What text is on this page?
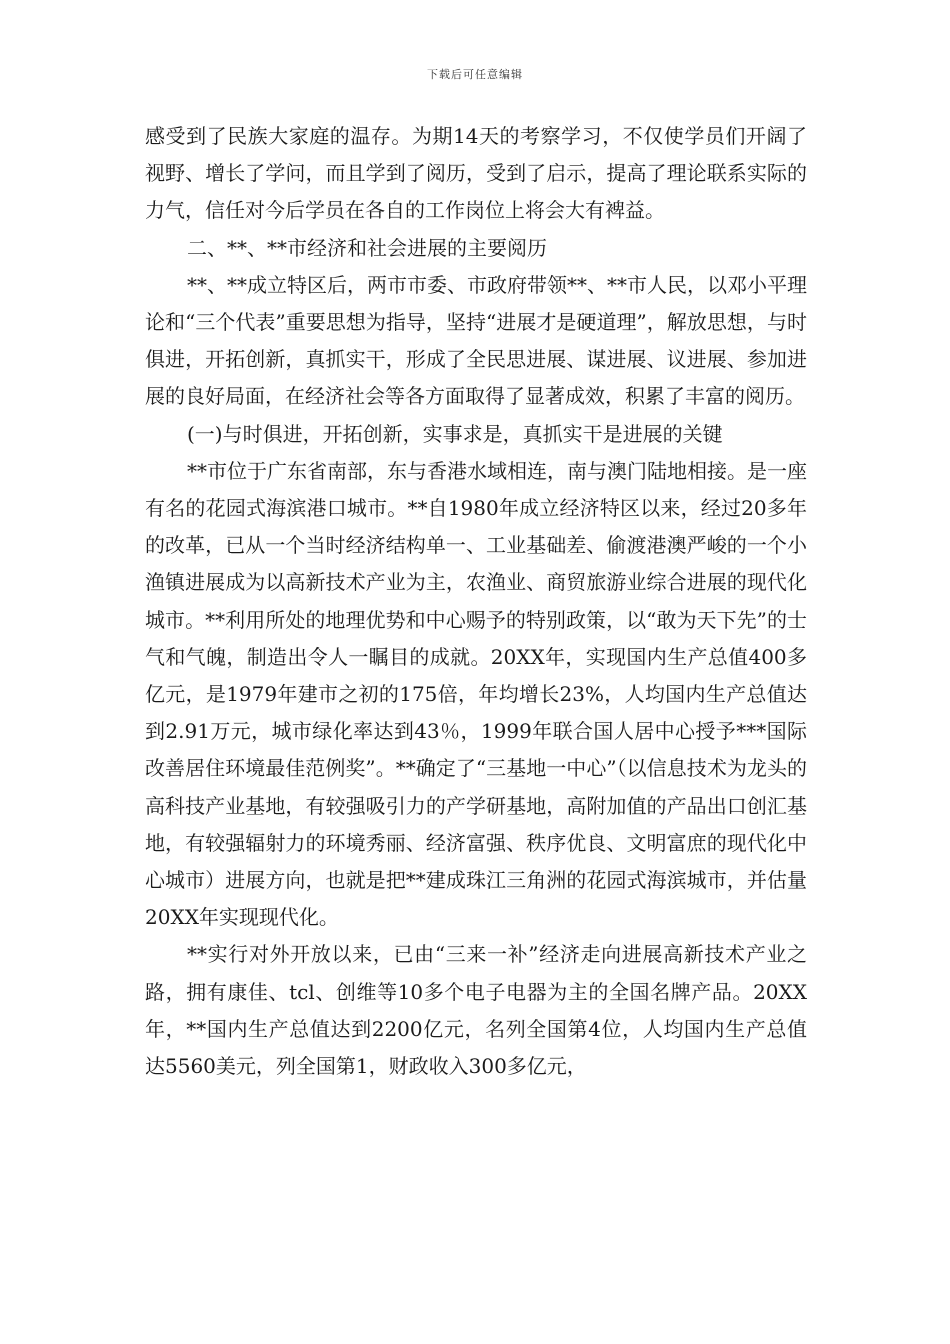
下载后可任意编辑

感受到了民族大家庭的温存。为期14天的考察学习，不仅使学员们开阔了视野、增长了学问，而且学到了阅历，受到了启示，提高了理论联系实际的力气，信任对今后学员在各自的工作岗位上将会大有裨益。

二、**、**市经济和社会进展的主要阅历

**、**成立特区后，两市市委、市政府带领**、**市人民，以邓小平理论和“三个代表”重要思想为指导，坚持“进展才是硬道理”，解放思想，与时俱进，开拓创新，真抓实干，形成了全民思进展、谋进展、议进展、参加进展的良好局面，在经济社会等各方面取得了显著成效，积累了丰富的阅历。

(一)与时俱进，开拓创新，实事求是，真抓实干是进展的关键

**市位于广东省南部，东与香港水域相连，南与澳门陆地相接。是一座有名的花园式海滨港口城市。**自1980年成立经济特区以来，经过20多年的改革，已从一个当时经济结构单一、工业基础差、偷渡港澳严峻的一个小渔镇进展成为以高新技术产业为主，农渔业、商贸旅游业综合进展的现代化城市。**利用所处的地理优势和中心赐予的特别政策，以“敢为天下先”的士气和气魄，制造出令人一瞩目的成就。20XX年，实现国内生产总值400多亿元，是1979年建市之初的175倍，年均增长23%，人均国内生产总值达到2.91万元，城市绿化率达到43％，1999年联合国人居中心授予***国际改善居住环境最佳范例奖”。**确定了“三基地一中心”（以信息技术为龙头的高科技产业基地，有较强吸引力的产学研基地，高附加值的产品出口创汇基地，有较强辐射力的环境秀丽、经济富强、秩序优良、文明富庶的现代化中心城市）进展方向，也就是把**建成珠江三角洲的花园式海滨城市，并估量20XX年实现现代化。

**实行对外开放以来，已由“三来一补”经济走向进展高新技术产业之路，拥有康佳、tcl、创维等10多个电子电器为主的全国名牌产品。20XX年，**国内生产总值达到2200亿元，名列全国第4位，人均国内生产总值达5560美元，列全国第1，财政收入300多亿元，
